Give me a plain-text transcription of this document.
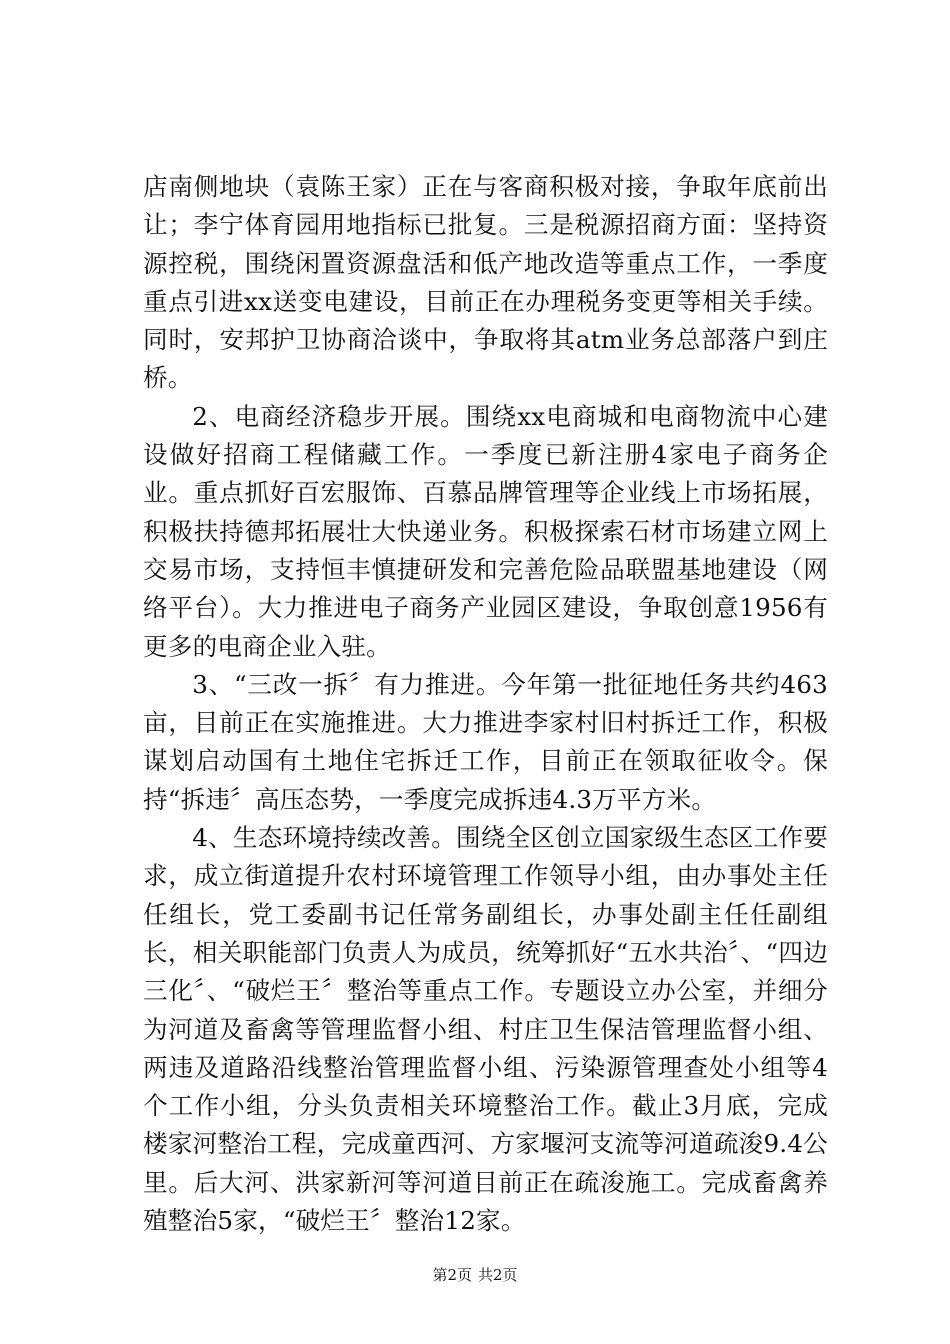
店南侧地块（袁陈王家）正在与客商积极对接，争取年底前出让；李宁体育园用地指标已批复。三是税源招商方面：坚持资源控税，围绕闲置资源盘活和低产地改造等重点工作，一季度重点引进xx送变电建设，目前正在办理税务变更等相关手续。同时，安邦护卫协商洽谈中，争取将其atm业务总部落户到庄桥。

2、电商经济稳步开展。围绕xx电商城和电商物流中心建设做好招商工程储藏工作。一季度已新注册4家电子商务企业。重点抓好百宏服饰、百慕品牌管理等企业线上市场拓展，积极扶持德邦拓展壮大快递业务。积极探索石材市场建立网上交易市场，支持恒丰慎捷研发和完善危险品联盟基地建设（网络平台）。大力推进电子商务产业园区建设，争取创意1956有更多的电商企业入驻。

3、“三改一拆〞有力推进。今年第一批征地任务共约463亩，目前正在实施推进。大力推进李家村旧村拆迁工作，积极谋划启动国有土地住宅拆迁工作，目前正在领取征收令。保持“拆违〞高压态势，一季度完成拆违4.3万平方米。

4、生态环境持续改善。围绕全区创立国家级生态区工作要求，成立街道提升农村环境管理工作领导小组，由办事处主任任组长，党工委副书记任常务副组长，办事处副主任任副组长，相关职能部门负责人为成员，统筹抓好“五水共治〞、“四边三化〞、“破烂王〞整治等重点工作。专题设立办公室，并细分为河道及畜禽等管理监督小组、村庄卫生保洁管理监督小组、两违及道路沿线整治管理监督小组、污染源管理查处小组等4个工作小组，分头负责相关环境整治工作。截止3月底，完成楼家河整治工程，完成童西河、方家堰河支流等河道疏浚9.4公里。后大河、洪家新河等河道目前正在疏浚施工。完成畜禽养殖整治5家，“破烂王〞整治12家。

第2页 共2页
